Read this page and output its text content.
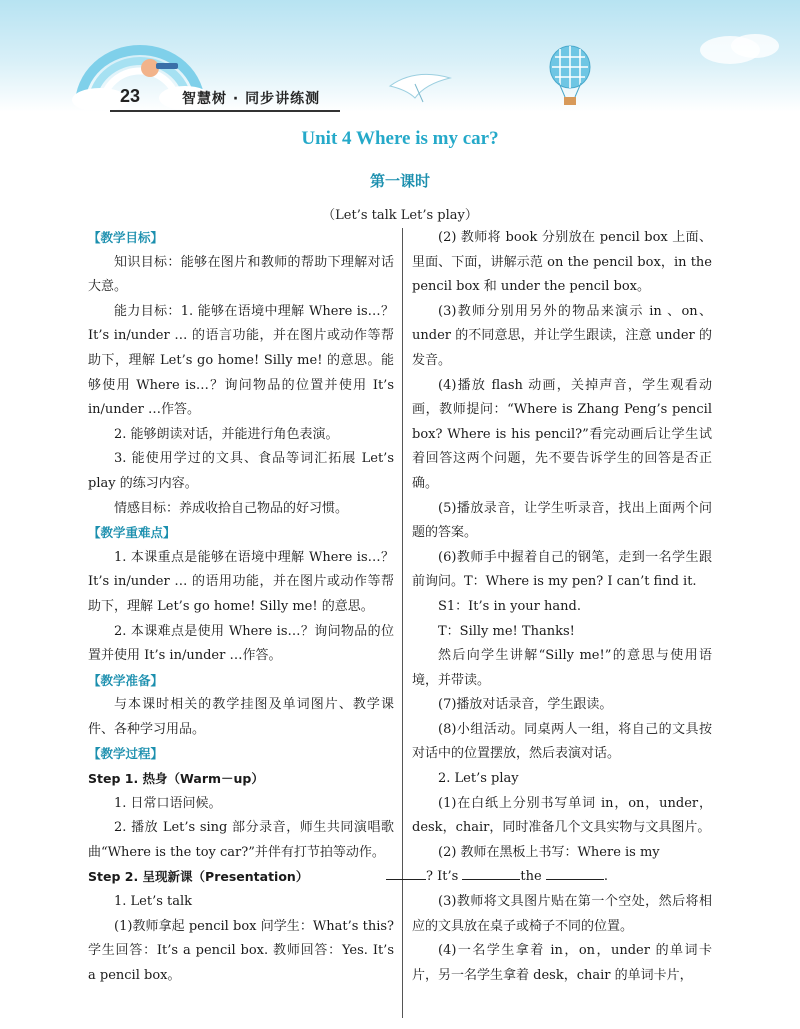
23	智慧树 · 同步讲练测
Unit 4 Where is my car?
第一课时
（Let’s talk Let’s play）

【教学目标】

知识目标：能够在图片和教师的帮助下理解对话大意。

能力目标：1. 能够在语境中理解 Where is…？It’s in/under … 的语言功能，并在图片或动作等帮助下，理解 Let’s go home! Silly me! 的意思。能够使用 Where is…？询问物品的位置并使用 It’s in/under …作答。

2. 能够朗读对话，并能进行角色表演。

3. 能使用学过的文具、食品等词汇拓展 Let’s play 的练习内容。

情感目标：养成收拾自己物品的好习惯。

【教学重难点】

1. 本课重点是能够在语境中理解 Where is…？It’s in/under … 的语用功能，并在图片或动作等帮助下，理解 Let’s go home! Silly me! 的意思。

2. 本课难点是使用 Where is…？询问物品的位置并使用 It’s in/under …作答。

【教学准备】

与本课时相关的教学挂图及单词图片、教学课件、各种学习用品。

【教学过程】

Step 1. 热身（Warm－up）

1. 日常口语问候。

2. 播放 Let’s sing 部分录音，师生共同演唱歌曲“Where is the toy car?”并伴有打节拍等动作。

Step 2. 呈现新课（Presentation）

1. Let’s talk

(1)教师拿起 pencil box 问学生：What’s this? 学生回答：It’s a pencil box. 教师回答：Yes. It’s a pencil box。

(2) 教师将 book 分别放在 pencil box 上面、里面、下面，讲解示范 on the pencil box，in the pencil box 和 under the pencil box。

(3)教师分别用另外的物品来演示 in 、on、under 的不同意思，并让学生跟读，注意 under 的发音。

(4)播放 flash 动画，关掉声音，学生观看动画，教师提问：“Where is Zhang Peng’s pencil box? Where is his pencil?”看完动画后让学生试着回答这两个问题，先不要告诉学生的回答是否正确。

(5)播放录音，让学生听录音，找出上面两个问题的答案。

(6)教师手中握着自己的钢笔，走到一名学生跟前询问。T：Where is my pen? I can’t find it.

S1：It’s in your hand.

T：Silly me! Thanks!

然后向学生讲解“Silly me!”的意思与使用语境，并带读。

(7)播放对话录音，学生跟读。

(8)小组活动。同桌两人一组，将自己的文具按对话中的位置摆放，然后表演对话。

2. Let’s play

(1)在白纸上分别书写单词 in，on，under，desk，chair，同时准备几个文具实物与文具图片。

(2) 教师在黑板上书写：Where is my
? It’s	the	.

(3)教师将文具图片贴在第一个空处，然后将相应的文具放在桌子或椅子不同的位置。

(4)一名学生拿着 in，on，under 的单词卡片，另一名学生拿着 desk，chair 的单词卡片，
